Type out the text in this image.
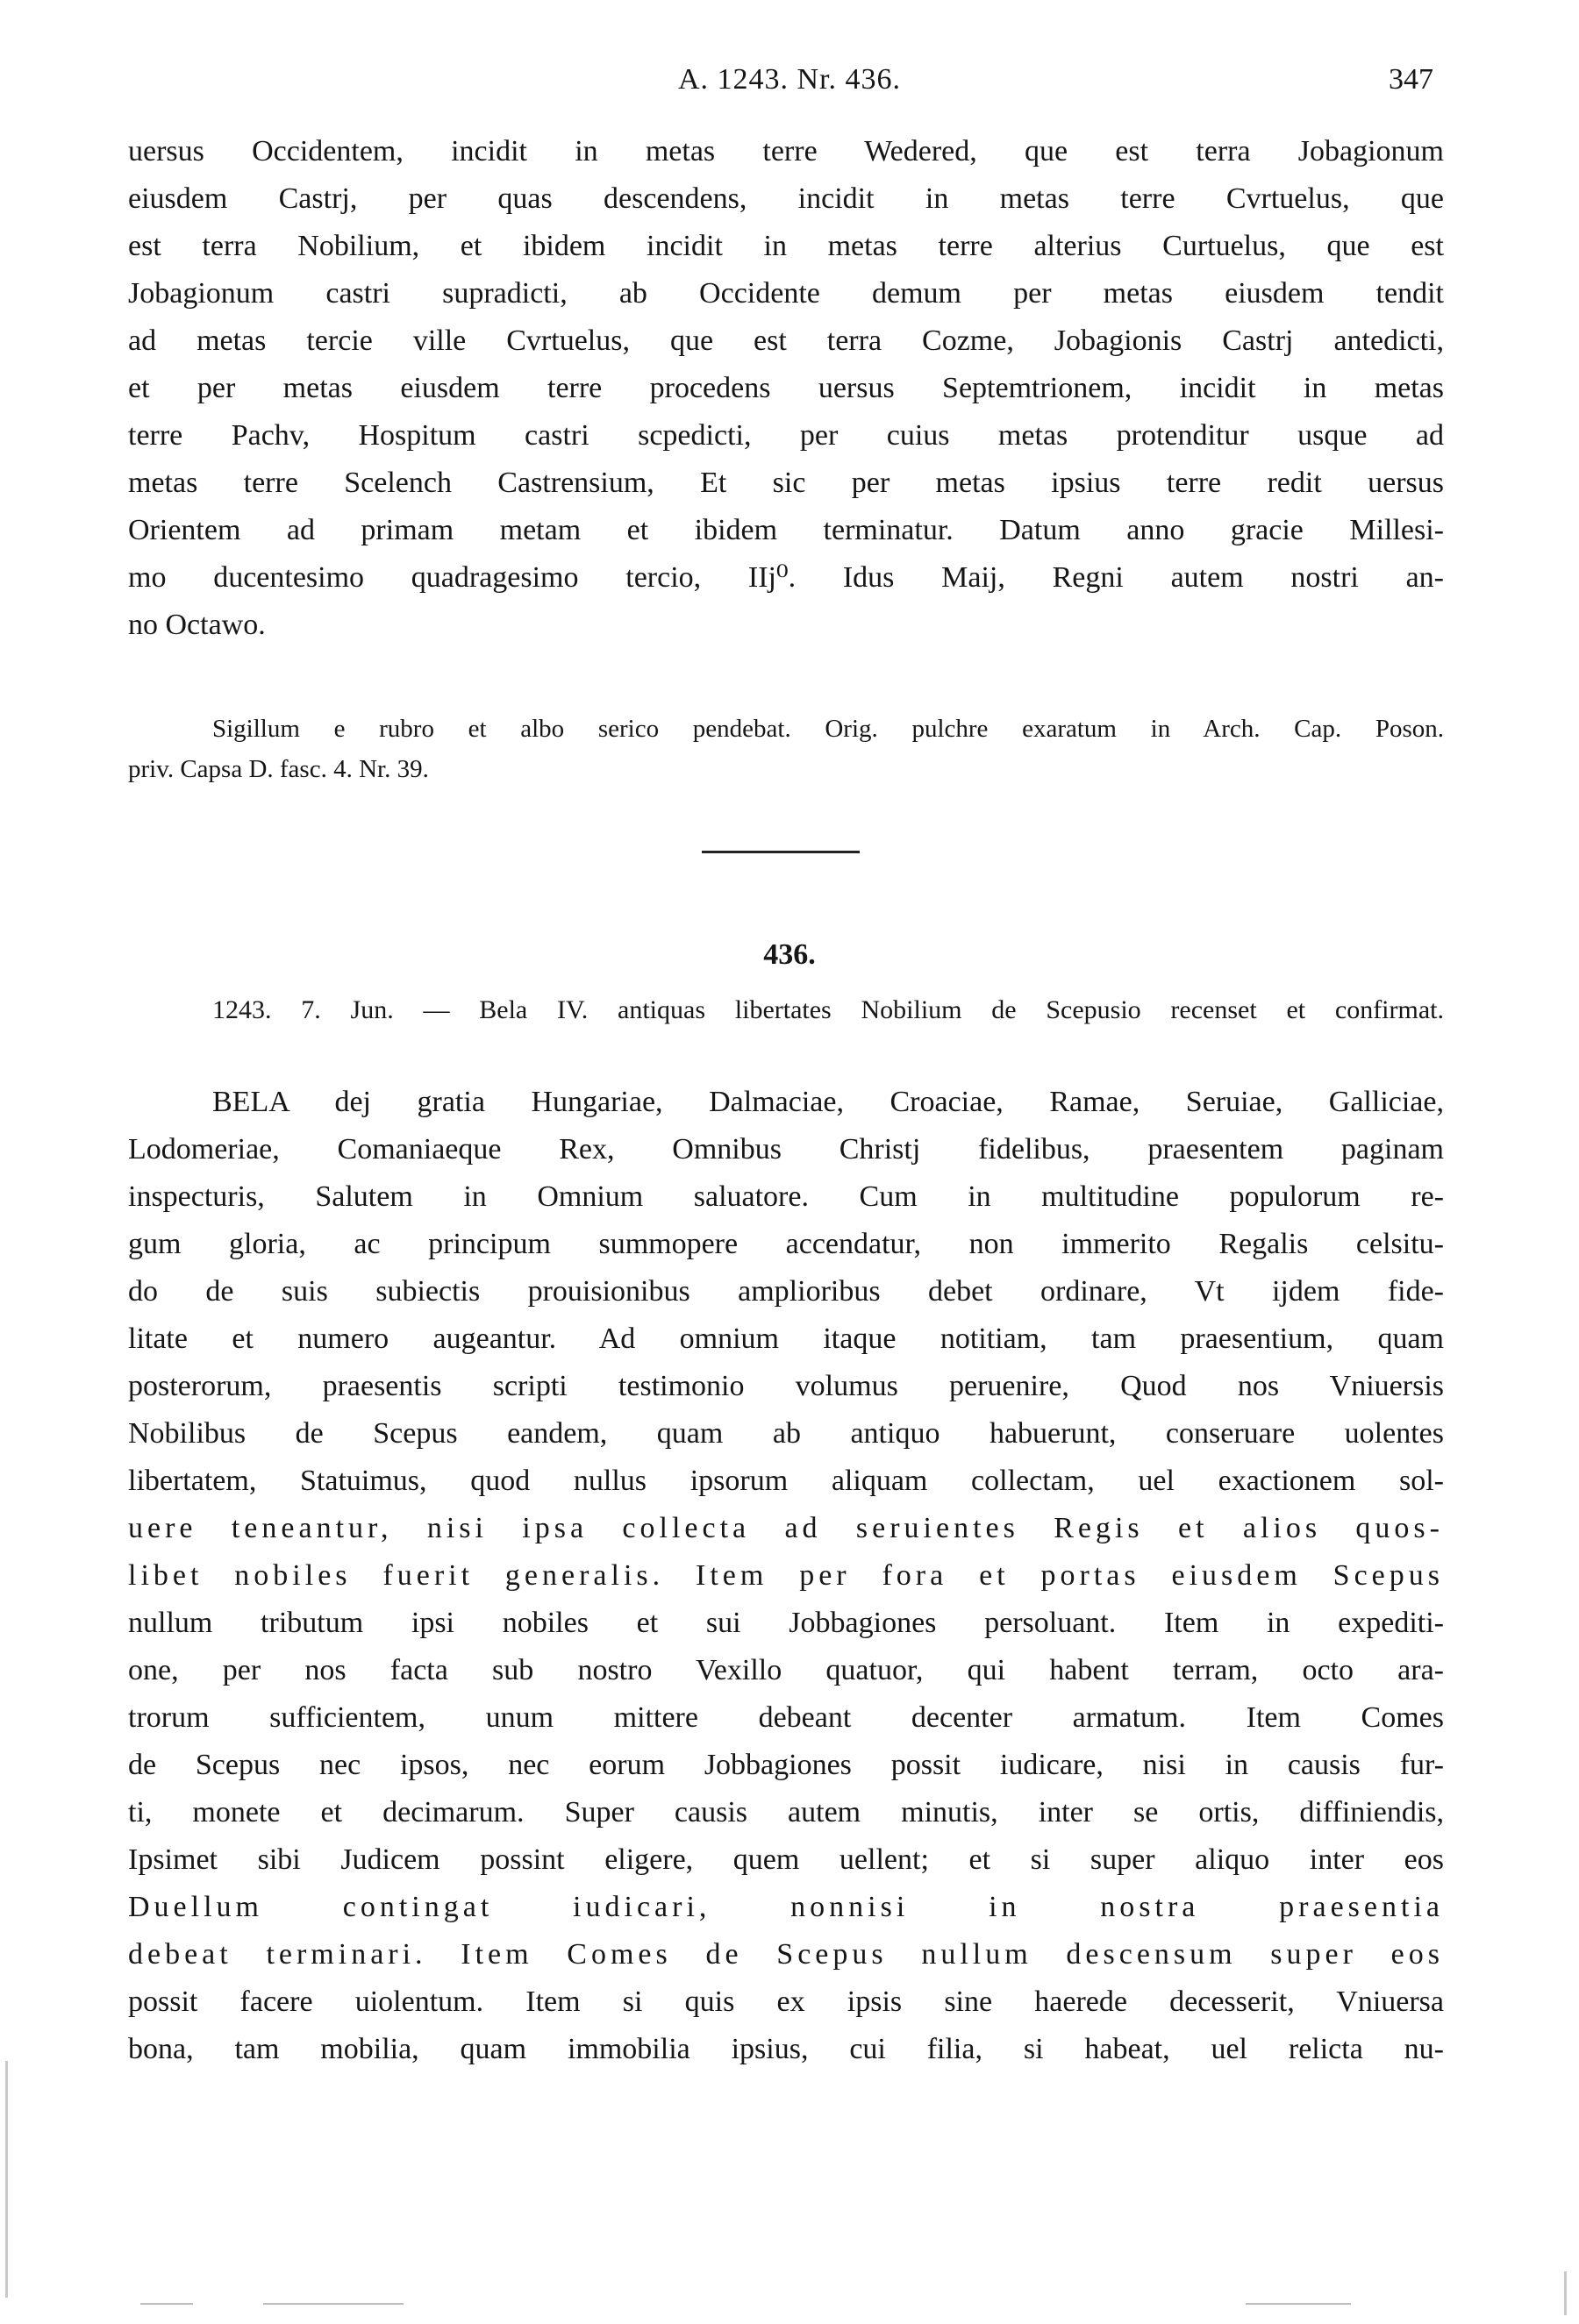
A. 1243. Nr. 436.	347
uersus Occidentem, incidit in metas terre Wedered, que est terra Jobagionum
eiusdem Castrj, per quas descendens, incidit in metas terre Cvrtuelus, que
est terra Nobilium, et ibidem incidit in metas terre alterius Curtuelus, que est
Jobagionum castri supradicti, ab Occidente demum per metas eiusdem tendit
ad metas tercie ville Cvrtuelus, que est terra Cozme, Jobagionis Castrj antedicti,
et per metas eiusdem terre procedens uersus Septemtrionem, incidit in metas
terre Pachv, Hospitum castri scpedicti, per cuius metas protenditur usque ad
metas terre Scelench Castrensium, Et sic per metas ipsius terre redit uersus
Orientem ad primam metam et ibidem terminatur. Datum anno gracie Millesi-
mo ducentesimo quadragesimo tercio, IIj⁰. Idus Maij, Regni autem nostri an-
no Octawo.
Sigillum e rubro et albo serico pendebat. Orig. pulchre exaratum in Arch. Cap. Poson.
priv. Capsa D. fasc. 4. Nr. 39.
436.
1243. 7. Jun. — Bela IV. antiquas libertates Nobilium de Scepusio recenset et confirmat.
BELA dej gratia Hungariae, Dalmaciae, Croaciae, Ramae, Seruiae, Galliciae,
Lodomeriae, Comaniaeque Rex, Omnibus Christj fidelibus, praesentem paginam
inspecturis, Salutem in Omnium saluatore. Cum in multitudine populorum re-
gum gloria, ac principum summopere accendatur, non immerito Regalis celsitu-
do de suis subiectis prouisionibus amplioribus debet ordinare, Vt ijdem fide-
litate et numero augeantur. Ad omnium itaque notitiam, tam praesentium, quam
posterorum, praesentis scripti testimonio volumus peruenire, Quod nos Vniuersis
Nobilibus de Scepus eandem, quam ab antiquo habuerunt, conseruare uolentes
libertatem, Statuimus, quod nullus ipsorum aliquam collectam, uel exactionem sol-
uere teneantur, nisi ipsa collecta ad seruientes Regis et alios quos-
libet nobiles fuerit generalis. Item per fora et portas eiusdem Scepus
nullum tributum ipsi nobiles et sui Jobbagiones persoluant. Item in expediti-
one, per nos facta sub nostro Vexillo quatuor, qui habent terram, octo ara-
trorum sufficientem, unum mittere debeant decenter armatum. Item Comes
de Scepus nec ipsos, nec eorum Jobbagiones possit iudicare, nisi in causis fur-
ti, monete et decimarum. Super causis autem minutis, inter se ortis, diffiniendis,
Ipsimet sibi Judicem possint eligere, quem uellent; et si super aliquo inter eos
Duellum contingat iudicari, nonnisi in nostra praesentia
debeat terminari. Item Comes de Scepus nullum descensum super eos
possit facere uiolentum. Item si quis ex ipsis sine haerede decesserit, Vniuersa
bona, tam mobilia, quam immobilia ipsius, cui filia, si habeat, uel relicta nu-
